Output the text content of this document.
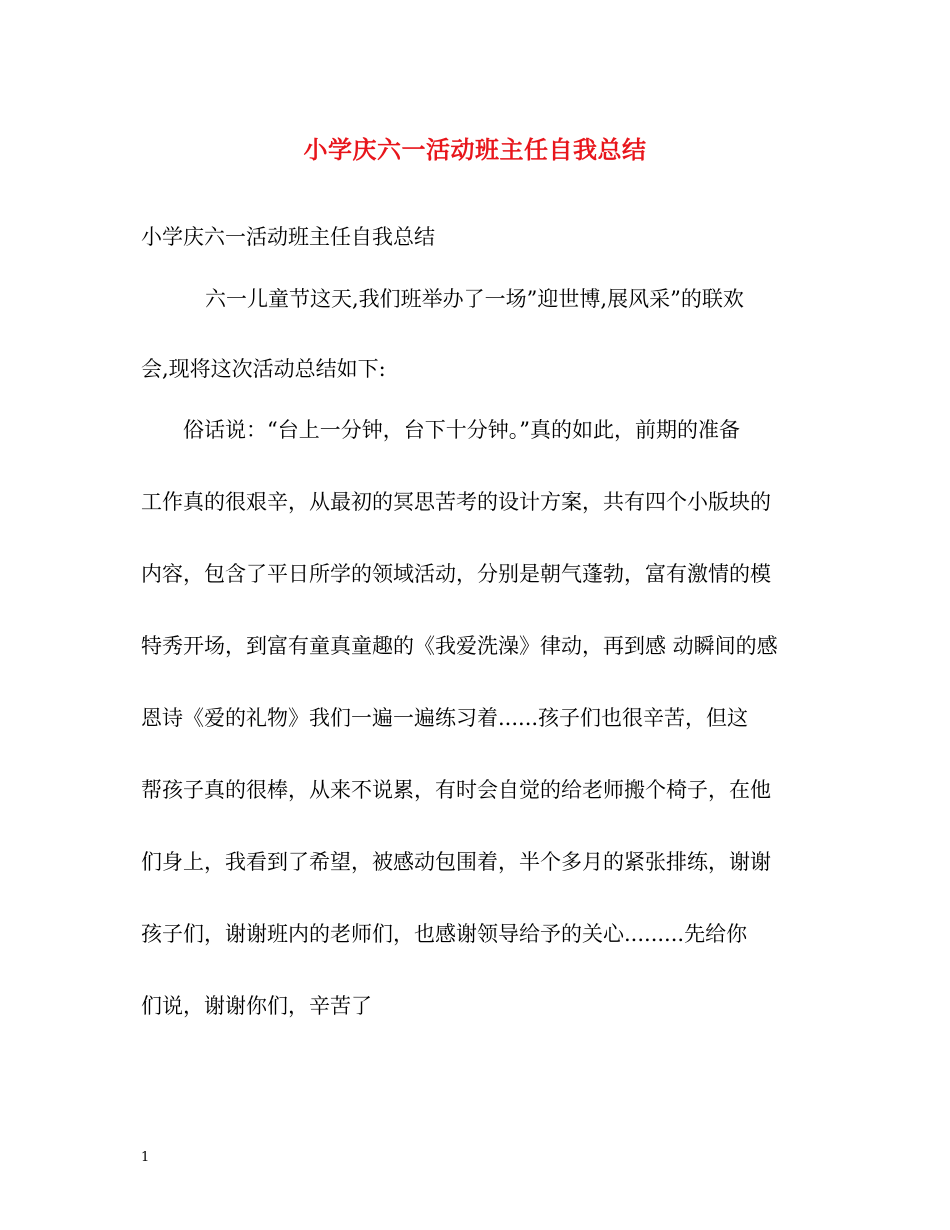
小学庆六一活动班主任自我总结
小学庆六一活动班主任自我总结
六一儿童节这天,我们班举办了一场”迎世博,展风采”的联欢
会,现将这次活动总结如下:
俗话说：“台上一分钟，台下十分钟。”真的如此，前期的准备
工作真的很艰辛，从最初的冥思苦考的设计方案，共有四个小版块的
内容，包含了平日所学的领域活动，分别是朝气蓬勃，富有激情的模
特秀开场，到富有童真童趣的《我爱洗澡》律动，再到感 动瞬间的感
恩诗《爱的礼物》我们一遍一遍练习着......孩子们也很辛苦，但这
帮孩子真的很棒，从来不说累，有时会自觉的给老师搬个椅子，在他
们身上，我看到了希望，被感动包围着，半个多月的紧张排练，谢谢
孩子们，谢谢班内的老师们，也感谢领导给予的关心.........先给你
们说，谢谢你们，辛苦了
1
